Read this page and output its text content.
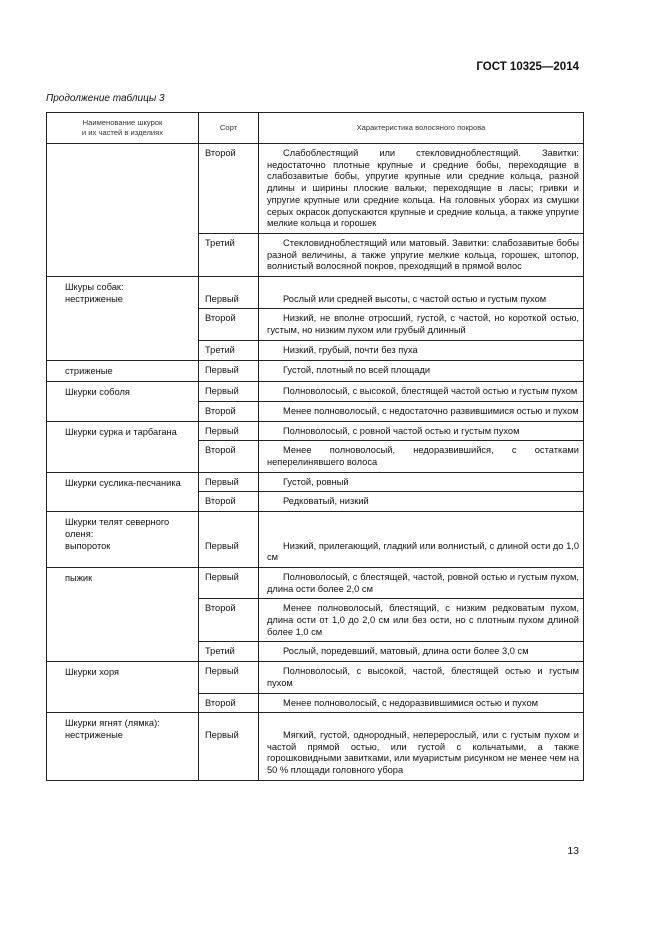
ГОСТ 10325—2014
Продолжение таблицы 3
Наименование шкурок
и их частей в изделиях	Сорт	Характеристика волосяного покрова
	Второй	Слабоблестящий или стекловиднoблестящий. Завитки: недостаточно плотные крупные и средние бобы, переходящие в слабозавитые бобы, упругие крупные или средние кольца, разной длины и ширины плоские вальки, переходящие в ласы; гривки и упругие крупные или средние кольца. На головных уборах из смушки серых окрасок допускаются крупные и средние кольца, а также упругие мелкие кольца и горошек

	Третий	Стекловиднoблестящий или матовый. Завитки: слабозавитые бобы разной величины, а также упругие мелкие кольца, горошек, штопор, волнистый волосяной покров, преходящий в прямой волос

Шкуры собак:
нестриженые	Первый	Рослый или средней высоты, с частой остью и густым пухом

	Второй	Низкий, не вполне отросший, густой, с частой, но короткой остью, густым, но низким пухом или грубый длинный

	Третий	Низкий, грубый, почти без пуха

стриженые	Первый	Густой, плотный по всей площади

Шкурки соболя	Первый	Полноволосый, с высокой, блестящей частой остью и густым пухом

	Второй	Менее полноволосый, с недостаточно развившимися остью и пухом

Шкурки сурка и тарбагана	Первый	Полноволосый, с ровной частой остью и густым пухом

	Второй	Менее полноволосый, недоразвившийся, с остатками неперелинявшего волоса

Шкурки суслика-песчаника	Первый	Густой, ровный

	Второй	Редковатый, низкий

Шкурки телят северного оленя:
выпороток	Первый	Низкий, прилегающий, гладкий или волнистый, с длиной ости до 1,0 см

пыжик	Первый	Полноволосый, с блестящей, частой, ровной остью и густым пухом, длина ости более 2,0 см

	Второй	Менее полноволосый, блестящий, с низким редковатым пухом, длина ости от 1,0 до 2,0 см или без ости, но с плотным пухом длиной более 1,0 см

	Третий	Рослый, поредевший, матовый, длина ости более 3,0 см

Шкурки хоря	Первый	Полноволосый, с высокой, частой, блестящей остью и густым пухом

	Второй	Менее полноволосый, с недоразвившимися остью и пухом

Шкурки ягнят (лямка):
нестриженые	Первый	Мягкий, густой, однородный, неперерослый, или с густым пухом и частой прямой остью, или густой с кольчатыми, а также горошковидными завитками, или муаристым рисунком не менее чем на 50 % площади головного убора
13
